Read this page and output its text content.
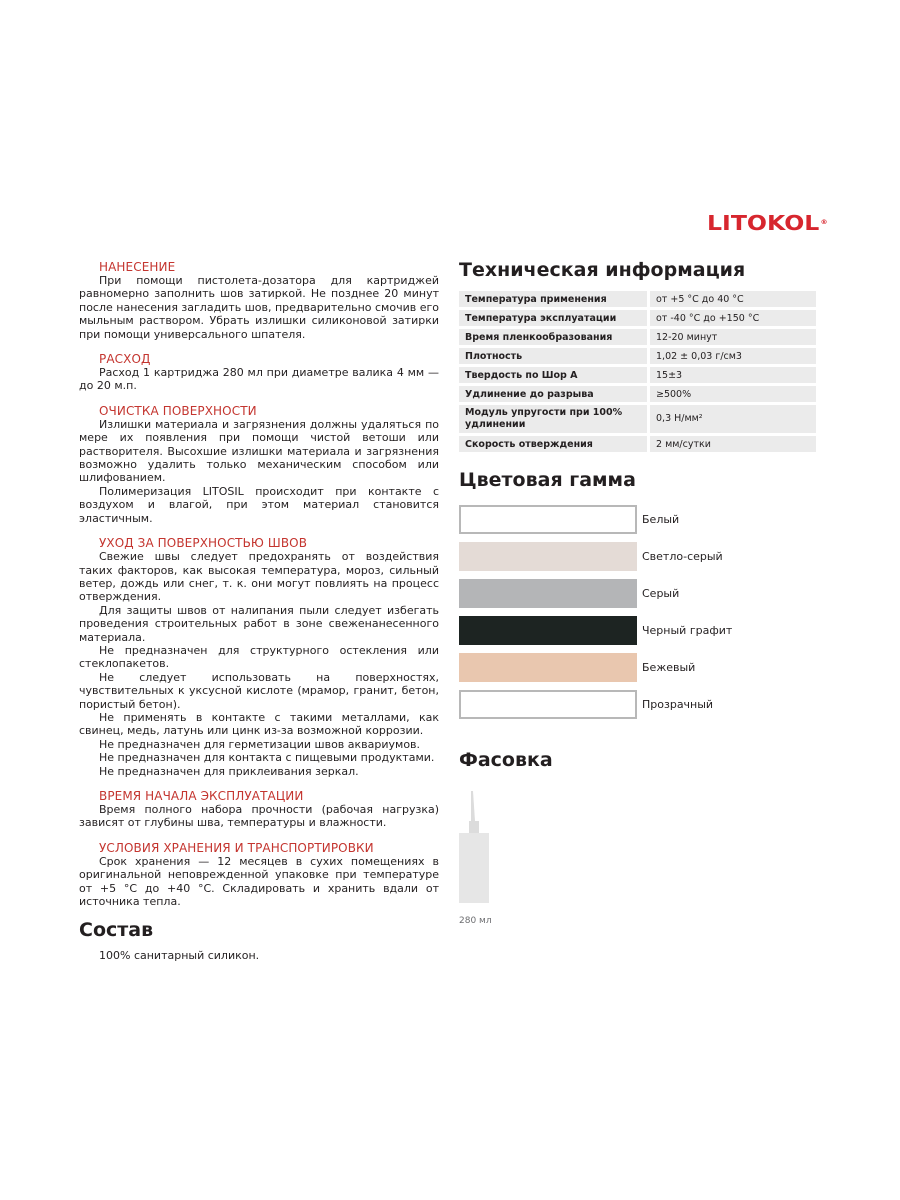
LITOKOL®
НАНЕСЕНИЕ

При помощи пистолета-дозатора для картриджей равномерно заполнить шов затиркой. Не позднее 20 минут после нанесения загладить шов, предварительно смочив его мыльным раствором. Убрать излишки силиконовой затирки при помощи универсального шпателя.

РАСХОД

Расход 1 картриджа 280 мл при диаметре валика 4 мм — до 20 м.п.

ОЧИСТКА ПОВЕРХНОСТИ

Излишки материала и загрязнения должны удаляться по мере их появления при помощи чистой ветоши или растворителя. Высохшие излишки материала и загрязнения возможно удалить только механическим способом или шлифованием.

Полимеризация LITOSIL происходит при контакте с воздухом и влагой, при этом материал становится эластичным.

УХОД ЗА ПОВЕРХНОСТЬЮ ШВОВ

Свежие швы следует предохранять от воздействия таких факторов, как высокая температура, мороз, сильный ветер, дождь или снег, т. к. они могут повлиять на процесс отверждения.

Для защиты швов от налипания пыли следует избегать проведения строительных работ в зоне свеженанесенного материала.

Не предназначен для структурного остекления или стеклопакетов.

Не следует использовать на поверхностях, чувствительных к уксусной кислоте (мрамор, гранит, бетон, пористый бетон).

Не применять в контакте с такими металлами, как свинец, медь, латунь или цинк из-за возможной коррозии.

Не предназначен для герметизации швов аквариумов.

Не предназначен для контакта с пищевыми продуктами.

Не предназначен для приклеивания зеркал.

ВРЕМЯ НАЧАЛА ЭКСПЛУАТАЦИИ

Время полного набора прочности (рабочая нагрузка) зависят от глубины шва, температуры и влажности.

УСЛОВИЯ ХРАНЕНИЯ И ТРАНСПОРТИРОВКИ

Срок хранения — 12 месяцев в сухих помещениях в оригинальной неповрежденной упаковке при температуре от +5 °С до +40 °С. Складировать и хранить вдали от источника тепла.

Состав
100% санитарный силикон.
Техническая информация
Температура применения	от +5 °С до 40 °С
Температура эксплуатации	от -40 °С до +150 °С
Время пленкообразования	12-20 минут
Плотность	1,02 ± 0,03 г/см3
Твердость по Шор А	15±3
Удлинение до разрыва	≥500%
Модуль упругости при 100% удлинении	0,3 Н/мм²
Скорость отверждения	2 мм/сутки
Цветовая гамма
Белый
Светло-серый
Серый
Черный графит
Бежевый
Прозрачный
Фасовка
280 мл
